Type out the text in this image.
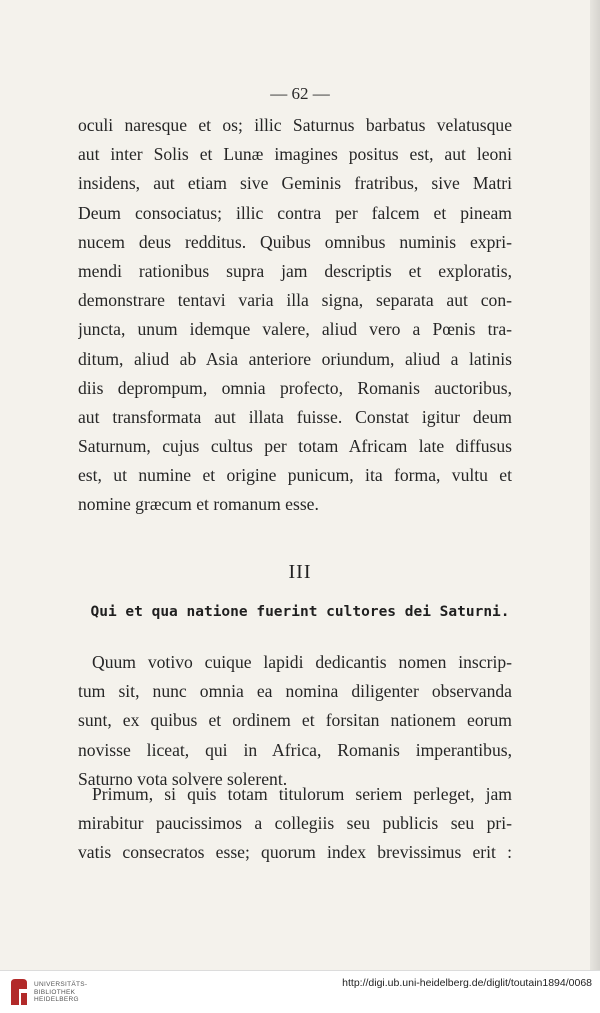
— 62 —
oculi naresque et os; illic Saturnus barbatus velatusque
aut inter Solis et Lunæ imagines positus est, aut leoni
insidens, aut etiam sive Geminis fratribus, sive Matri
Deum consociatus; illic contra per falcem et pineam
nucem deus redditus. Quibus omnibus numinis expri-
mendi rationibus supra jam descriptis et exploratis,
demonstrare tentavi varia illa signa, separata aut con-
juncta, unum idemque valere, aliud vero a Pœnis tra-
ditum, aliud ab Asia anteriore oriundum, aliud a latinis
diis deprompum, omnia profecto, Romanis auctoribus,
aut transformata aut illata fuisse. Constat igitur deum
Saturnum, cujus cultus per totam Africam late diffusus
est, ut numine et origine punicum, ita forma, vultu et
nomine græcum et romanum esse.
III
Qui et qua natione fuerint cultores dei Saturni.
Quum votivo cuique lapidi dedicantis nomen inscrip-
tum sit, nunc omnia ea nomina diligenter observanda
sunt, ex quibus et ordinem et forsitan nationem eorum
novisse liceat, qui in Africa, Romanis imperantibus,
Saturno vota solvere solerent.
Primum, si quis totam titulorum seriem perleget, jam
mirabitur paucissimos a collegiis seu publicis seu pri-
vatis consecratos esse; quorum index brevissimus erit :
UNIVERSITÄTS-
BIBLIOTHEK
HEIDELBERG
http://digi.ub.uni-heidelberg.de/diglit/toutain1894/0068
